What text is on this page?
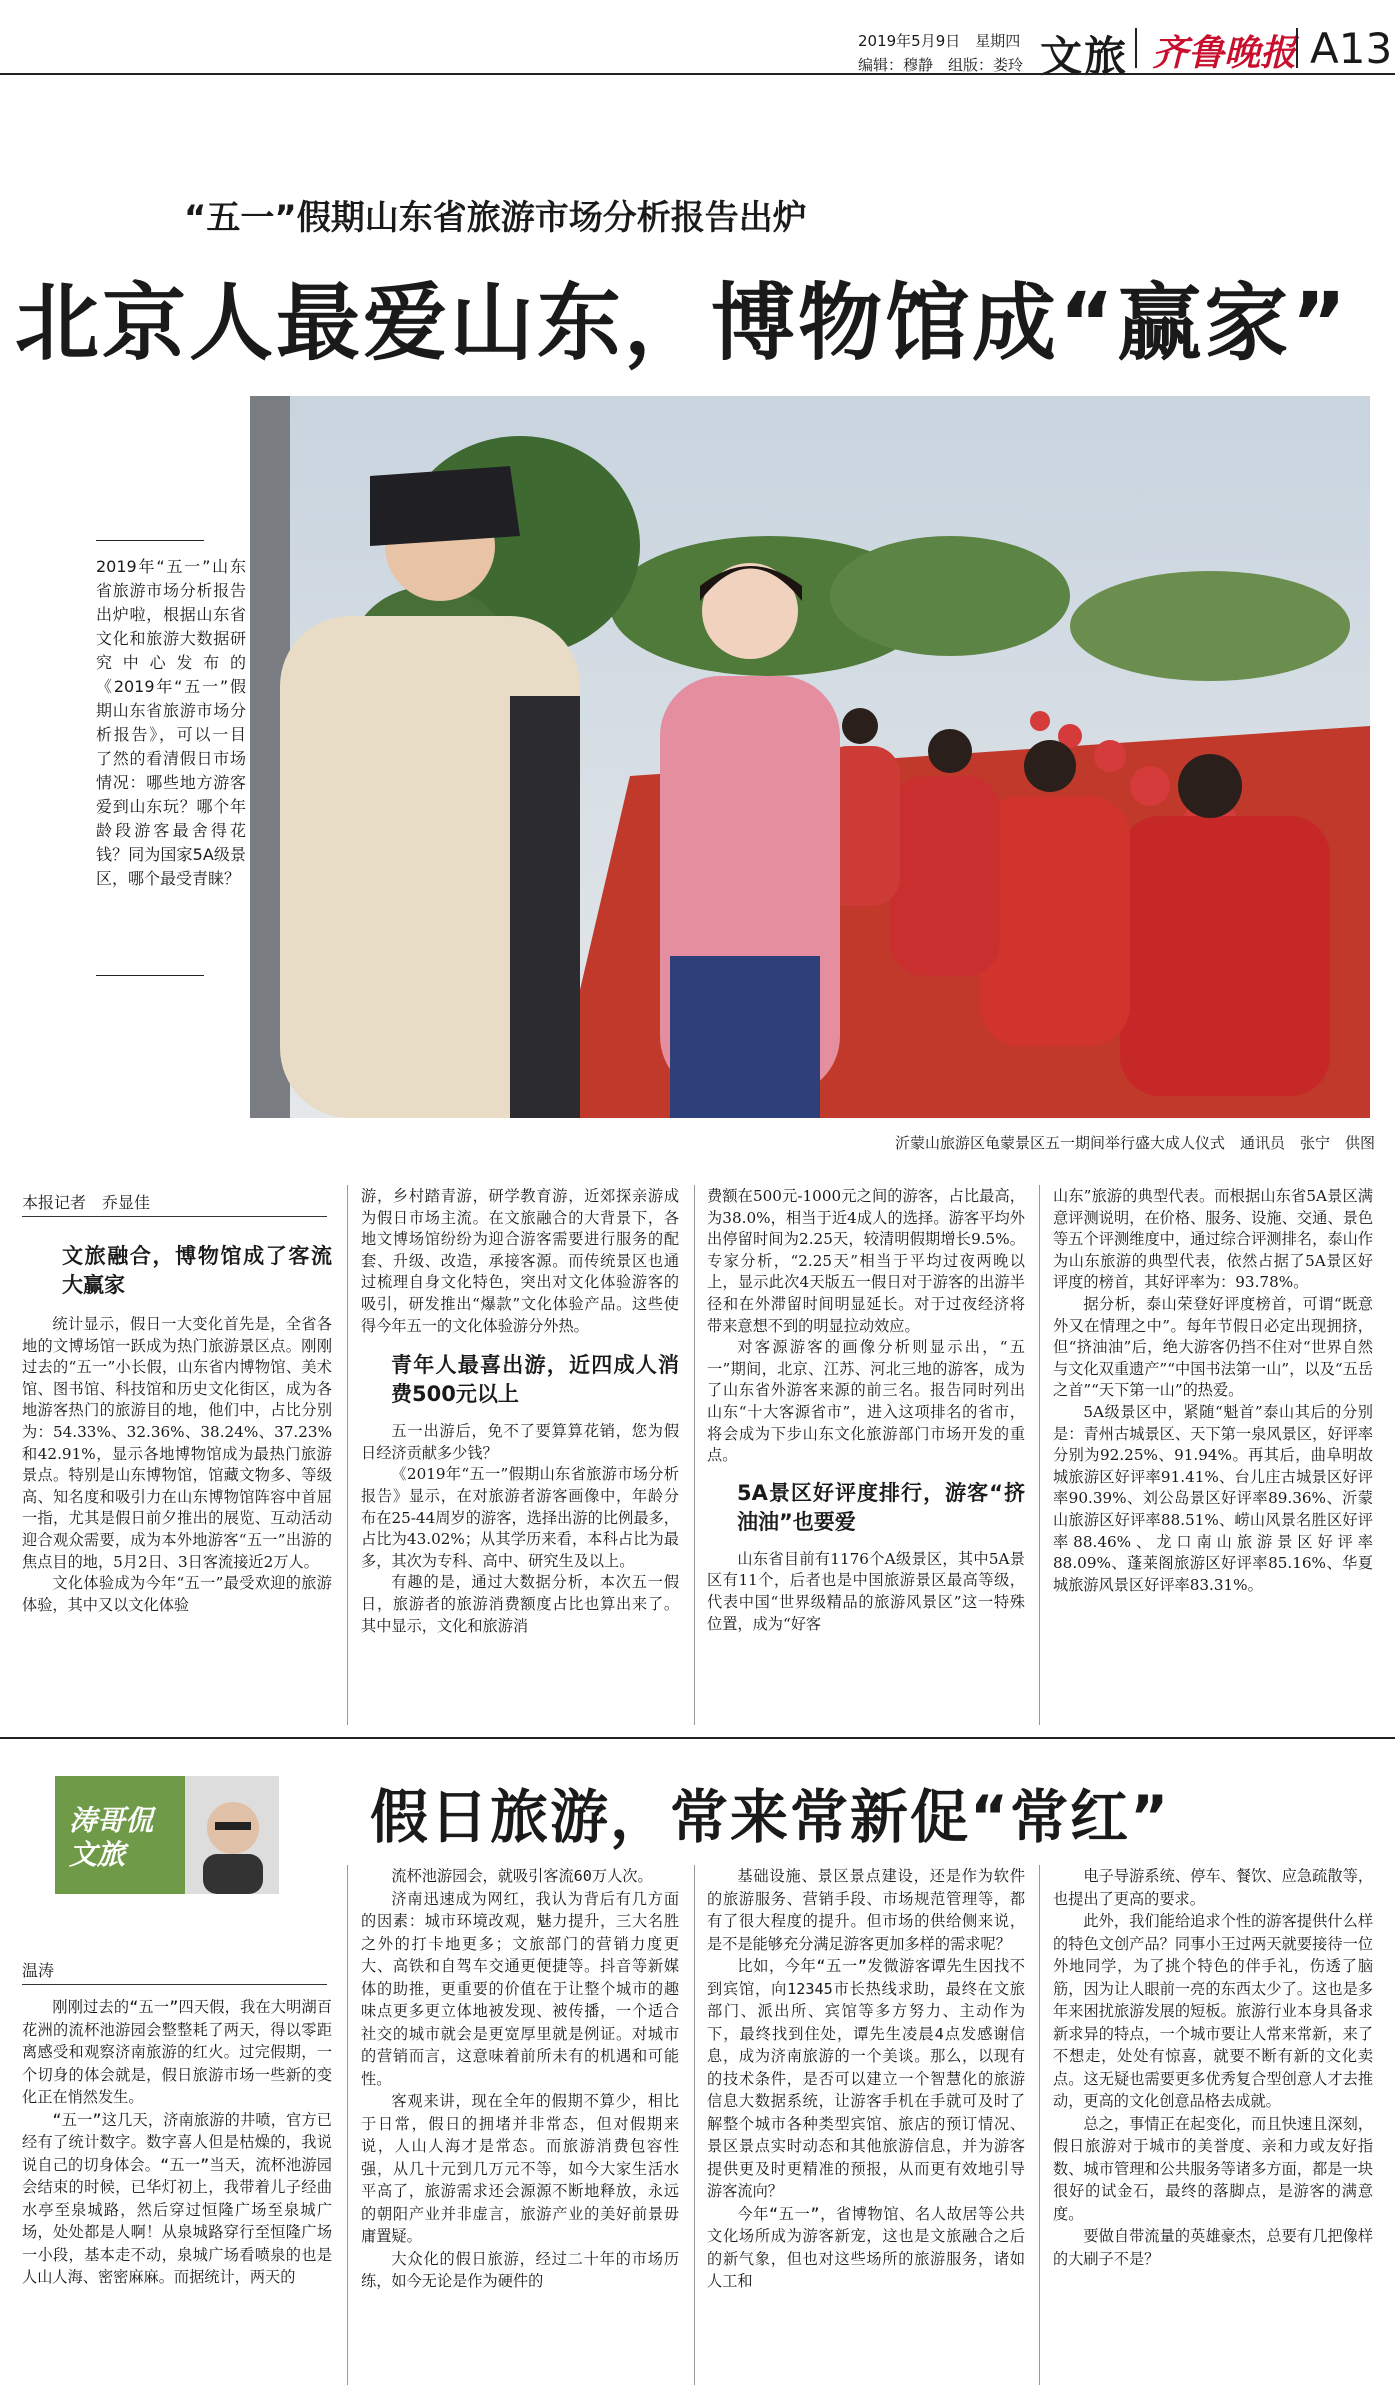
2019年5月9日　星期四
编辑：穆静　组版：娄玲 文旅 齐鲁晚报 A13
“五一”假期山东省旅游市场分析报告出炉
北京人最爱山东，博物馆成“赢家”
2019年“五一”山东省旅游市场分析报告出炉啦，根据山东省文化和旅游大数据研究中心发布的《2019年“五一”假期山东省旅游市场分析报告》，可以一目了然的看清假日市场情况：哪些地方游客爱到山东玩？哪个年龄段游客最舍得花钱？同为国家5A级景区，哪个最受青睐？
沂蒙山旅游区龟蒙景区五一期间举行盛大成人仪式　通讯员　张宁　供图
本报记者　乔显佳
文旅融合，博物馆成了客流大赢家

统计显示，假日一大变化首先是，全省各地的文博场馆一跃成为热门旅游景区点。刚刚过去的“五一”小长假，山东省内博物馆、美术馆、图书馆、科技馆和历史文化街区，成为各地游客热门的旅游目的地，他们中，占比分别为：54.33%、32.36%、38.24%、37.23%和42.91%，显示各地博物馆成为最热门旅游景点。特别是山东博物馆，馆藏文物多、等级高、知名度和吸引力在山东博物馆阵容中首屈一指，尤其是假日前夕推出的展览、互动活动迎合观众需要，成为本外地游客“五一”出游的焦点目的地，5月2日、3日客流接近2万人。

文化体验成为今年“五一”最受欢迎的旅游体验，其中又以文化体验

游，乡村踏青游，研学教育游，近郊探亲游成为假日市场主流。在文旅融合的大背景下，各地文博场馆纷纷为迎合游客需要进行服务的配套、升级、改造，承接客源。而传统景区也通过梳理自身文化特色，突出对文化体验游客的吸引，研发推出“爆款”文化体验产品。这些使得今年五一的文化体验游分外热。

青年人最喜出游，近四成人消费500元以上

五一出游后，免不了要算算花销，您为假日经济贡献多少钱？

《2019年“五一”假期山东省旅游市场分析报告》显示，在对旅游者游客画像中，年龄分布在25-44周岁的游客，选择出游的比例最多，占比为43.02%；从其学历来看，本科占比为最多，其次为专科、高中、研究生及以上。

有趣的是，通过大数据分析，本次五一假日，旅游者的旅游消费额度占比也算出来了。其中显示，文化和旅游消

费额在500元-1000元之间的游客，占比最高，为38.0%，相当于近4成人的选择。游客平均外出停留时间为2.25天，较清明假期增长9.5%。专家分析，“2.25天”相当于平均过夜两晚以上，显示此次4天版五一假日对于游客的出游半径和在外滞留时间明显延长。对于过夜经济将带来意想不到的明显拉动效应。

对客源游客的画像分析则显示出，“五一”期间，北京、江苏、河北三地的游客，成为了山东省外游客来源的前三名。报告同时列出山东“十大客源省市”，进入这项排名的省市，将会成为下步山东文化旅游部门市场开发的重点。

5A景区好评度排行，游客“挤油油”也要爱

山东省目前有1176个A级景区，其中5A景区有11个，后者也是中国旅游景区最高等级，代表中国“世界级精品的旅游风景区”这一特殊位置，成为“好客

山东”旅游的典型代表。而根据山东省5A景区满意评测说明，在价格、服务、设施、交通、景色等五个评测维度中，通过综合评测排名，泰山作为山东旅游的典型代表，依然占据了5A景区好评度的榜首，其好评率为：93.78%。

据分析，泰山荣登好评度榜首，可谓“既意外又在情理之中”。每年节假日必定出现拥挤，但“挤油油”后，绝大游客仍挡不住对“世界自然与文化双重遗产”“中国书法第一山”，以及“五岳之首”“天下第一山”的热爱。

5A级景区中，紧随“魁首”泰山其后的分别是：青州古城景区、天下第一泉风景区，好评率分别为92.25%、91.94%。再其后，曲阜明故城旅游区好评率91.41%、台儿庄古城景区好评率90.39%、刘公岛景区好评率89.36%、沂蒙山旅游区好评率88.51%、崂山风景名胜区好评率88.46%、龙口南山旅游景区好评率88.09%、蓬莱阁旅游区好评率85.16%、华夏城旅游风景区好评率83.31%。

涛哥侃文旅
假日旅游，常来常新促“常红”
温涛

刚刚过去的“五一”四天假，我在大明湖百花洲的流杯池游园会整整耗了两天，得以零距离感受和观察济南旅游的红火。过完假期，一个切身的体会就是，假日旅游市场一些新的变化正在悄然发生。

“五一”这几天，济南旅游的井喷，官方已经有了统计数字。数字喜人但是枯燥的，我说说自己的切身体会。“五一”当天，流杯池游园会结束的时候，已华灯初上，我带着儿子经曲水亭至泉城路，然后穿过恒隆广场至泉城广场，处处都是人啊！从泉城路穿行至恒隆广场一小段，基本走不动，泉城广场看喷泉的也是人山人海、密密麻麻。而据统计，两天的

流杯池游园会，就吸引客流60万人次。

济南迅速成为网红，我认为背后有几方面的因素：城市环境改观，魅力提升，三大名胜之外的打卡地更多；文旅部门的营销力度更大、高铁和自驾车交通更便捷等。抖音等新媒体的助推，更重要的价值在于让整个城市的趣味点更多更立体地被发现、被传播，一个适合社交的城市就会是更宽厚里就是例证。对城市的营销而言，这意味着前所未有的机遇和可能性。

客观来讲，现在全年的假期不算少，相比于日常，假日的拥堵并非常态，但对假期来说，人山人海才是常态。而旅游消费包容性强，从几十元到几万元不等，如今大家生活水平高了，旅游需求还会源源不断地释放，永远的朝阳产业并非虚言，旅游产业的美好前景毋庸置疑。

大众化的假日旅游，经过二十年的市场历练，如今无论是作为硬件的

基础设施、景区景点建设，还是作为软件的旅游服务、营销手段、市场规范管理等，都有了很大程度的提升。但市场的供给侧来说，是不是能够充分满足游客更加多样的需求呢？

比如，今年“五一”发微游客谭先生因找不到宾馆，向12345市长热线求助，最终在文旅部门、派出所、宾馆等多方努力、主动作为下，最终找到住处，谭先生凌晨4点发感谢信息，成为济南旅游的一个美谈。那么，以现有的技术条件，是否可以建立一个智慧化的旅游信息大数据系统，让游客手机在手就可及时了解整个城市各种类型宾馆、旅店的预订情况、景区景点实时动态和其他旅游信息，并为游客提供更及时更精准的预报，从而更有效地引导游客流向？

今年“五一”，省博物馆、名人故居等公共文化场所成为游客新宠，这也是文旅融合之后的新气象，但也对这些场所的旅游服务，诸如人工和

电子导游系统、停车、餐饮、应急疏散等，也提出了更高的要求。

此外，我们能给追求个性的游客提供什么样的特色文创产品？同事小王过两天就要接待一位外地同学，为了挑个特色的伴手礼，伤透了脑筋，因为让人眼前一亮的东西太少了。这也是多年来困扰旅游发展的短板。旅游行业本身具备求新求异的特点，一个城市要让人常来常新，来了不想走，处处有惊喜，就要不断有新的文化卖点。这无疑也需要更多优秀复合型创意人才去推动，更高的文化创意品格去成就。

总之，事情正在起变化，而且快速且深刻，假日旅游对于城市的美誉度、亲和力或友好指数、城市管理和公共服务等诸多方面，都是一块很好的试金石，最终的落脚点，是游客的满意度。

要做自带流量的英雄豪杰，总要有几把像样的大刷子不是？
